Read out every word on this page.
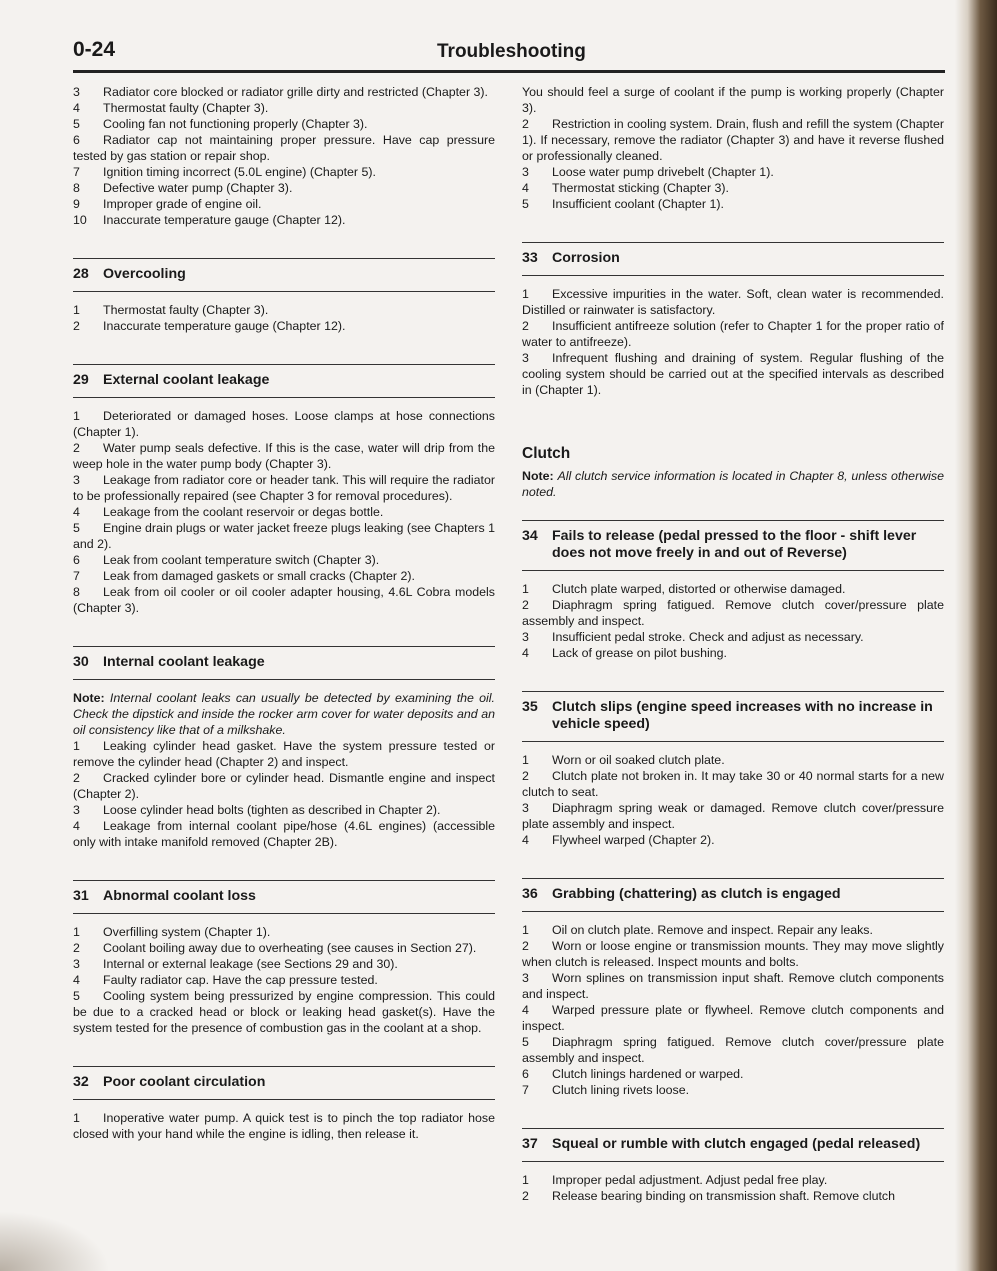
0-24	Troubleshooting
3 Radiator core blocked or radiator grille dirty and restricted (Chapter 3).
4 Thermostat faulty (Chapter 3).
5 Cooling fan not functioning properly (Chapter 3).
6 Radiator cap not maintaining proper pressure. Have cap pressure tested by gas station or repair shop.
7 Ignition timing incorrect (5.0L engine) (Chapter 5).
8 Defective water pump (Chapter 3).
9 Improper grade of engine oil.
10 Inaccurate temperature gauge (Chapter 12).
28 Overcooling
1 Thermostat faulty (Chapter 3).
2 Inaccurate temperature gauge (Chapter 12).
29 External coolant leakage
1 Deteriorated or damaged hoses. Loose clamps at hose connections (Chapter 1).
2 Water pump seals defective. If this is the case, water will drip from the weep hole in the water pump body (Chapter 3).
3 Leakage from radiator core or header tank. This will require the radiator to be professionally repaired (see Chapter 3 for removal procedures).
4 Leakage from the coolant reservoir or degas bottle.
5 Engine drain plugs or water jacket freeze plugs leaking (see Chapters 1 and 2).
6 Leak from coolant temperature switch (Chapter 3).
7 Leak from damaged gaskets or small cracks (Chapter 2).
8 Leak from oil cooler or oil cooler adapter housing, 4.6L Cobra models (Chapter 3).
30 Internal coolant leakage
Note: Internal coolant leaks can usually be detected by examining the oil. Check the dipstick and inside the rocker arm cover for water deposits and an oil consistency like that of a milkshake.
1 Leaking cylinder head gasket. Have the system pressure tested or remove the cylinder head (Chapter 2) and inspect.
2 Cracked cylinder bore or cylinder head. Dismantle engine and inspect (Chapter 2).
3 Loose cylinder head bolts (tighten as described in Chapter 2).
4 Leakage from internal coolant pipe/hose (4.6L engines) (accessible only with intake manifold removed (Chapter 2B).
31 Abnormal coolant loss
1 Overfilling system (Chapter 1).
2 Coolant boiling away due to overheating (see causes in Section 27).
3 Internal or external leakage (see Sections 29 and 30).
4 Faulty radiator cap. Have the cap pressure tested.
5 Cooling system being pressurized by engine compression. This could be due to a cracked head or block or leaking head gasket(s). Have the system tested for the presence of combustion gas in the coolant at a shop.
32 Poor coolant circulation
1 Inoperative water pump. A quick test is to pinch the top radiator hose closed with your hand while the engine is idling, then release it.
You should feel a surge of coolant if the pump is working properly (Chapter 3).
2 Restriction in cooling system. Drain, flush and refill the system (Chapter 1). If necessary, remove the radiator (Chapter 3) and have it reverse flushed or professionally cleaned.
3 Loose water pump drivebelt (Chapter 1).
4 Thermostat sticking (Chapter 3).
5 Insufficient coolant (Chapter 1).
33 Corrosion
1 Excessive impurities in the water. Soft, clean water is recommended. Distilled or rainwater is satisfactory.
2 Insufficient antifreeze solution (refer to Chapter 1 for the proper ratio of water to antifreeze).
3 Infrequent flushing and draining of system. Regular flushing of the cooling system should be carried out at the specified intervals as described in (Chapter 1).
Clutch
Note: All clutch service information is located in Chapter 8, unless otherwise noted.
34 Fails to release (pedal pressed to the floor - shift lever does not move freely in and out of Reverse)
1 Clutch plate warped, distorted or otherwise damaged.
2 Diaphragm spring fatigued. Remove clutch cover/pressure plate assembly and inspect.
3 Insufficient pedal stroke. Check and adjust as necessary.
4 Lack of grease on pilot bushing.
35 Clutch slips (engine speed increases with no increase in vehicle speed)
1 Worn or oil soaked clutch plate.
2 Clutch plate not broken in. It may take 30 or 40 normal starts for a new clutch to seat.
3 Diaphragm spring weak or damaged. Remove clutch cover/pressure plate assembly and inspect.
4 Flywheel warped (Chapter 2).
36 Grabbing (chattering) as clutch is engaged
1 Oil on clutch plate. Remove and inspect. Repair any leaks.
2 Worn or loose engine or transmission mounts. They may move slightly when clutch is released. Inspect mounts and bolts.
3 Worn splines on transmission input shaft. Remove clutch components and inspect.
4 Warped pressure plate or flywheel. Remove clutch components and inspect.
5 Diaphragm spring fatigued. Remove clutch cover/pressure plate assembly and inspect.
6 Clutch linings hardened or warped.
7 Clutch lining rivets loose.
37 Squeal or rumble with clutch engaged (pedal released)
1 Improper pedal adjustment. Adjust pedal free play.
2 Release bearing binding on transmission shaft. Remove clutch
